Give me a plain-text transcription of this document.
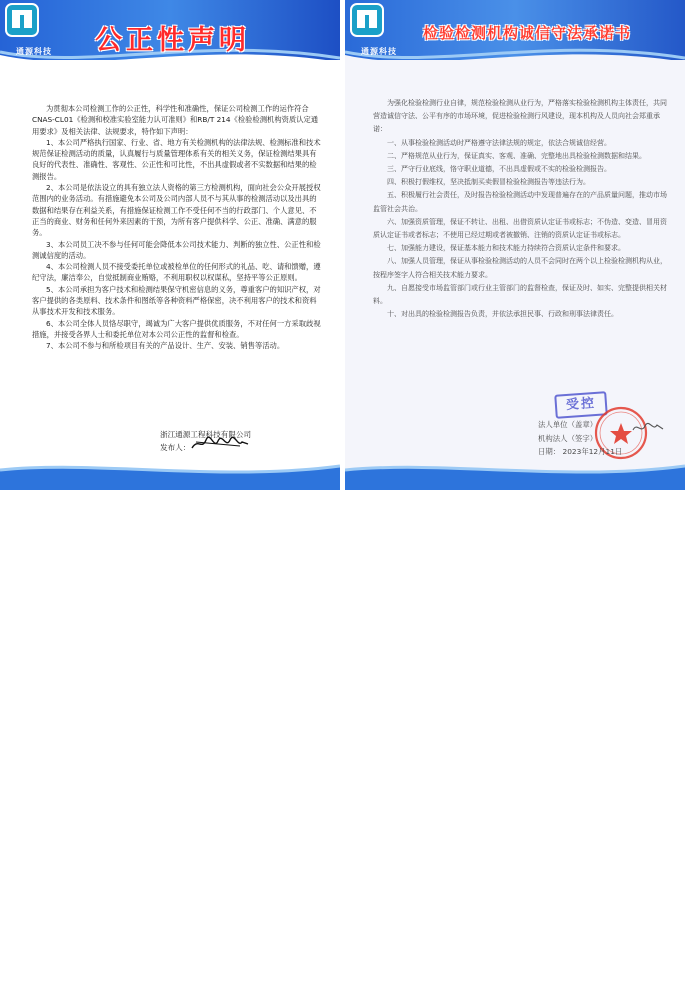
通源科技 公正性声明

为贯彻本公司检测工作的公正性，科学性和准确性，保证公司检测工作的运作符合CNAS-CL01《检测和校准实验室能力认可准则》和RB/T 214《检验检测机构资质认定通用要求》及相关法律、法规要求，特作如下声明：

1、本公司严格执行国家、行业、省、地方有关检测机构的法律法规、检测标准和技术规范保证检测活动的质量，认真履行与质量管理体系有关的相关义务，保证检测结果具有良好的代表性、准确性、客观性、公正性和可比性，不出具虚假或者不实数据和结果的检测报告。

2、本公司是依法设立的具有独立法人资格的第三方检测机构，面向社会公众开展授权范围内的业务活动。有措施避免本公司及公司内部人员不与其从事的检测活动以及出具的数据和结果存在利益关系，有措施保证检测工作不受任何不当的行政部门、个人意见、不正当的商业、财务和任何外来因素的干预，为所有客户提供科学、公正、准确、满意的服务。

3、本公司员工决不参与任何可能会降低本公司技术能力、判断的独立性、公正性和检测诚信度的活动。

4、本公司检测人员不接受委托单位或被检单位的任何形式的礼品、吃、请和馈赠，遵纪守法，廉洁奉公，自觉抵制商业贿赂，不利用职权以权谋私，坚持平等公正原则。

5、本公司承担为客户技术和检测结果保守机密信息的义务，尊重客户的知识产权，对客户提供的各类原料、技术条件和图纸等各种资料严格保密，决不利用客户的技术和资料从事技术开发和技术服务。

6、本公司全体人员恪尽职守，竭诚为广大客户提供优质服务，不对任何一方采取歧视措施，并接受各界人士和委托单位对本公司公正性的监督和检查。

7、本公司不参与和所检项目有关的产品设计、生产、安装、销售等活动。

浙江通源工程科技有限公司
发布人：
通源科技
检验检测机构诚信守法承诺书

为强化检验检测行业自律，规范检验检测从业行为，严格落实检验检测机构主体责任，共同营造诚信守法、公平有序的市场环境，促进检验检测行风建设，现本机构及人员向社会郑重承诺：

一、从事检验检测活动时严格遵守法律法规的规定，依法合规诚信经营。

二、严格规范从业行为，保证真实、客观、准确、完整地出具检验检测数据和结果。

三、严守行业底线，恪守职业道德，不出具虚假或不实的检验检测报告。

四、积极打假维权，坚决抵制买卖假冒检验检测报告等违法行为。

五、积极履行社会责任，及时报告检验检测活动中发现普遍存在的产品质量问题，推动市场监管社会共治。

六、加强资质管理，保证不转让、出租、出借资质认定证书或标志；不伪造、变造、冒用资质认定证书或者标志；不使用已经过期或者被撤销、注销的资质认定证书或标志。

七、加强能力建设，保证基本能力和技术能力持续符合资质认定条件和要求。

八、加强人员管理，保证从事检验检测活动的人员不会同时在两个以上检验检测机构从业，按程序签字人符合相关技术能力要求。

九、自愿接受市场监管部门或行业主管部门的监督检查，保证及时、如实、完整提供相关材料。

十、对出具的检验检测报告负责，并依法承担民事、行政和刑事法律责任。

受控
法人单位（盖章）
机构法人（签字）
日期： 2023年12月11日
